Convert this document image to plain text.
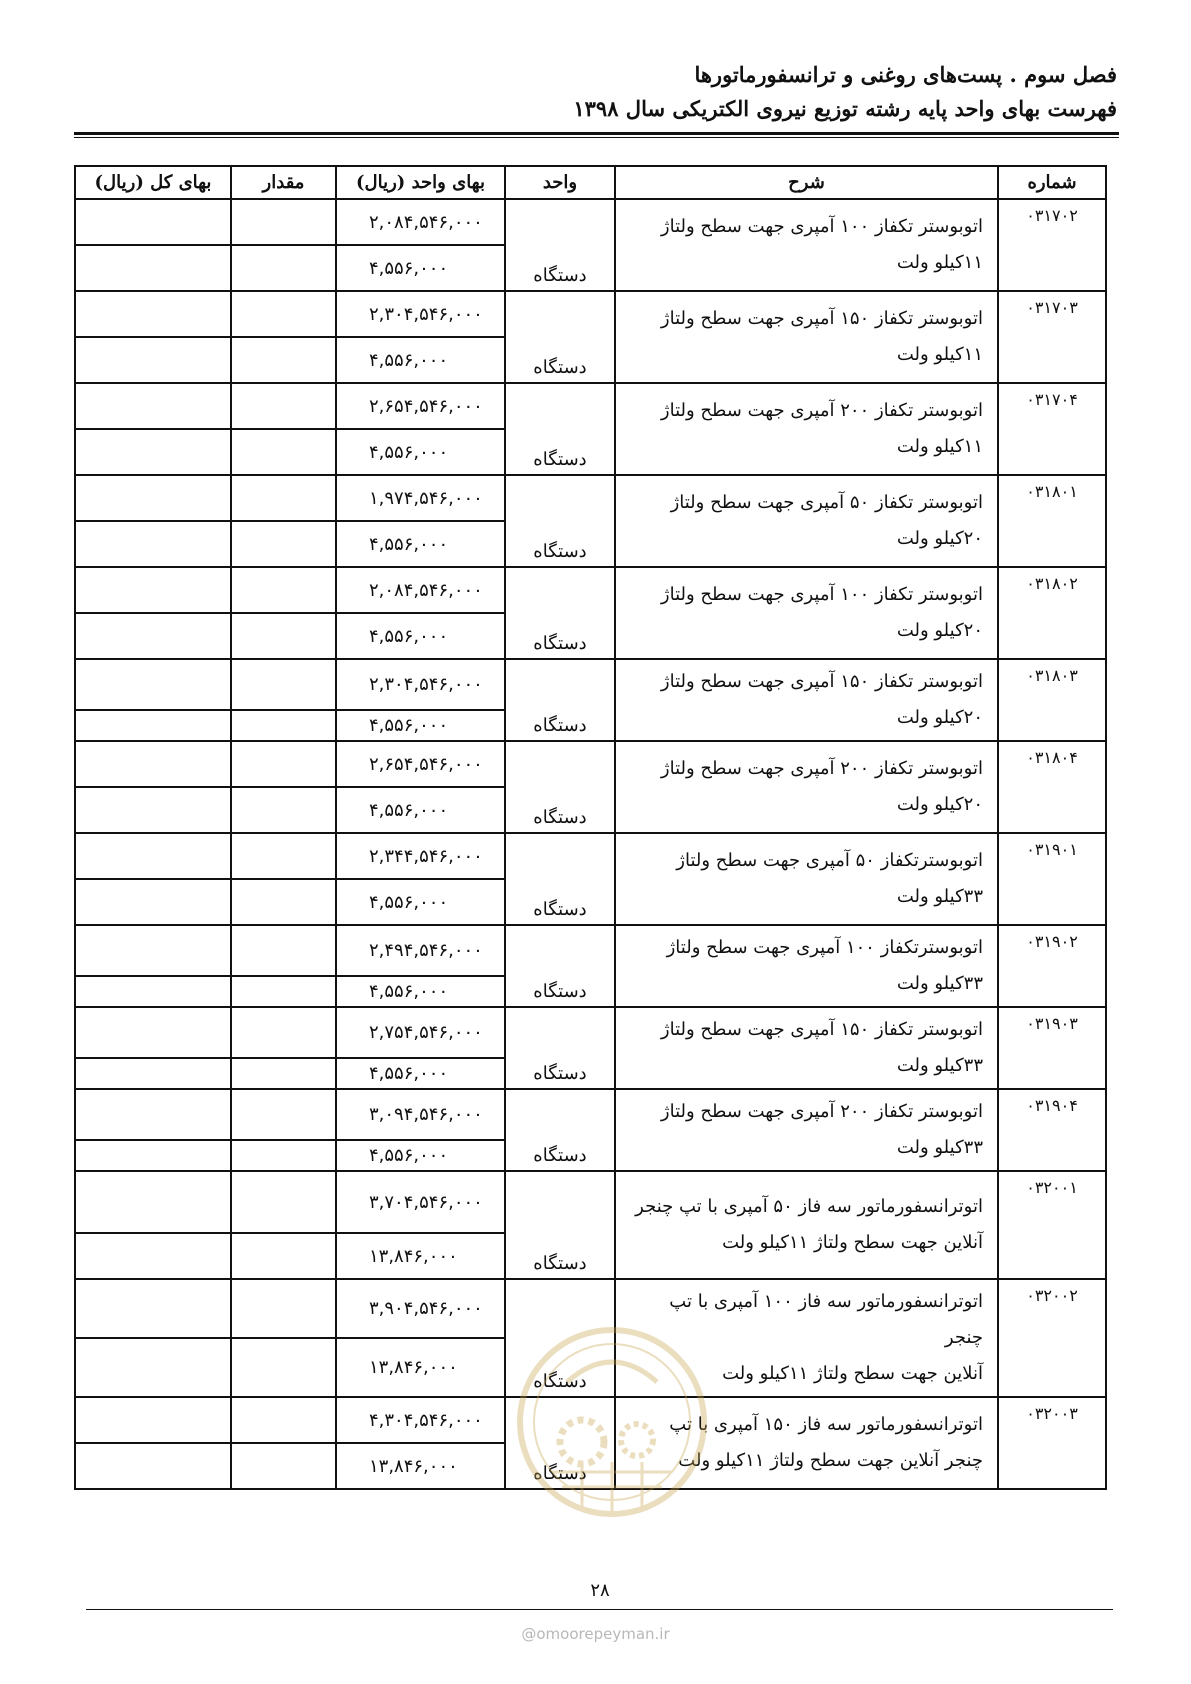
فصل سوم . پست‌های روغنی و ترانسفورماتورها
فهرست بهای واحد پایه رشته توزیع نیروی الکتریکی سال ۱۳۹۸
شماره	شرح	واحد	بهای واحد (ریال)	مقدار	بهای کل (ریال)
۰۳۱۷۰۲	اتوبوستر تکفاز ۱۰۰ آمپری جهت سطح ولتاژ
۱۱کیلو ولت	دستگاه	۲,۰۸۴,۵۴۶,۰۰۰		
			۴,۵۵۶,۰۰۰		
۰۳۱۷۰۳	اتوبوستر تکفاز ۱۵۰ آمپری جهت سطح ولتاژ
۱۱کیلو ولت	دستگاه	۲,۳۰۴,۵۴۶,۰۰۰		
			۴,۵۵۶,۰۰۰		
۰۳۱۷۰۴	اتوبوستر تکفاز ۲۰۰ آمپری جهت سطح ولتاژ
۱۱کیلو ولت	دستگاه	۲,۶۵۴,۵۴۶,۰۰۰		
			۴,۵۵۶,۰۰۰		
۰۳۱۸۰۱	اتوبوستر تکفاز ۵۰ آمپری جهت سطح ولتاژ
۲۰کیلو ولت	دستگاه	۱,۹۷۴,۵۴۶,۰۰۰		
			۴,۵۵۶,۰۰۰		
۰۳۱۸۰۲	اتوبوستر تکفاز ۱۰۰ آمپری جهت سطح ولتاژ
۲۰کیلو ولت	دستگاه	۲,۰۸۴,۵۴۶,۰۰۰		
			۴,۵۵۶,۰۰۰		
۰۳۱۸۰۳	اتوبوستر تکفاز ۱۵۰ آمپری جهت سطح ولتاژ
۲۰کیلو ولت	دستگاه	۲,۳۰۴,۵۴۶,۰۰۰		
			۴,۵۵۶,۰۰۰		
۰۳۱۸۰۴	اتوبوستر تکفاز ۲۰۰ آمپری جهت سطح ولتاژ
۲۰کیلو ولت	دستگاه	۲,۶۵۴,۵۴۶,۰۰۰		
			۴,۵۵۶,۰۰۰		
۰۳۱۹۰۱	اتوبوسترتکفاز ۵۰ آمپری جهت سطح ولتاژ
۳۳کیلو ولت	دستگاه	۲,۳۴۴,۵۴۶,۰۰۰		
			۴,۵۵۶,۰۰۰		
۰۳۱۹۰۲	اتوبوسترتکفاز ۱۰۰ آمپری جهت سطح ولتاژ
۳۳کیلو ولت	دستگاه	۲,۴۹۴,۵۴۶,۰۰۰		
			۴,۵۵۶,۰۰۰		
۰۳۱۹۰۳	اتوبوستر تکفاز ۱۵۰ آمپری جهت سطح ولتاژ
۳۳کیلو ولت	دستگاه	۲,۷۵۴,۵۴۶,۰۰۰		
			۴,۵۵۶,۰۰۰		
۰۳۱۹۰۴	اتوبوستر تکفاز ۲۰۰ آمپری جهت سطح ولتاژ
۳۳کیلو ولت	دستگاه	۳,۰۹۴,۵۴۶,۰۰۰		
			۴,۵۵۶,۰۰۰		
۰۳۲۰۰۱	اتوترانسفورماتور سه فاز ۵۰ آمپری با تپ چنجر
آنلاین جهت سطح ولتاژ ۱۱کیلو ولت	دستگاه	۳,۷۰۴,۵۴۶,۰۰۰		
			۱۳,۸۴۶,۰۰۰		
۰۳۲۰۰۲	اتوترانسفورماتور سه فاز ۱۰۰ آمپری با تپ چنجر
آنلاین جهت سطح ولتاژ ۱۱کیلو ولت	دستگاه	۳,۹۰۴,۵۴۶,۰۰۰		
			۱۳,۸۴۶,۰۰۰		
۰۳۲۰۰۳	اتوترانسفورماتور سه فاز ۱۵۰ آمپری با تپ
چنجر آنلاین جهت سطح ولتاژ ۱۱کیلو ولت	دستگاه	۴,۳۰۴,۵۴۶,۰۰۰		
			۱۳,۸۴۶,۰۰۰		
۲۸
@omoorepeyman.ir
